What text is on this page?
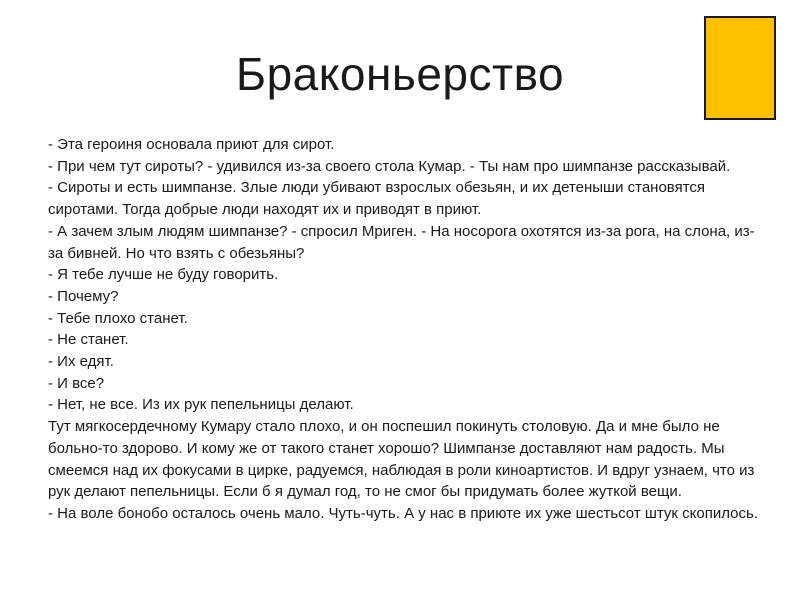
Браконьерство
- Эта героиня основала приют для сирот.
- При чем тут сироты? - удивился из-за своего стола Кумар. - Ты нам про шимпанзе рассказывай.
- Сироты и есть шимпанзе. Злые люди убивают взрослых обезьян, и их детеныши становятся сиротами. Тогда добрые люди находят их и приводят в приют.
- А зачем злым людям шимпанзе? - спросил Мриген. - На носорога охотятся из-за рога, на слона, из-за бивней. Но что взять с обезьяны?
- Я тебе лучше не буду говорить.
- Почему?
- Тебе плохо станет.
- Не станет.
- Их едят.
- И все?
- Нет, не все. Из их рук пепельницы делают.
Тут мягкосердечному Кумару стало плохо, и он поспешил покинуть столовую. Да и мне было не больно-то здорово. И кому же от такого станет хорошо? Шимпанзе доставляют нам радость. Мы смеемся над их фокусами в цирке, радуемся, наблюдая в роли киноартистов. И вдруг узнаем, что из рук делают пепельницы. Если б я думал год, то не смог бы придумать более жуткой вещи.
- На воле бонобо осталось очень мало. Чуть-чуть. А у нас в приюте их уже шестьсот штук скопилось.
